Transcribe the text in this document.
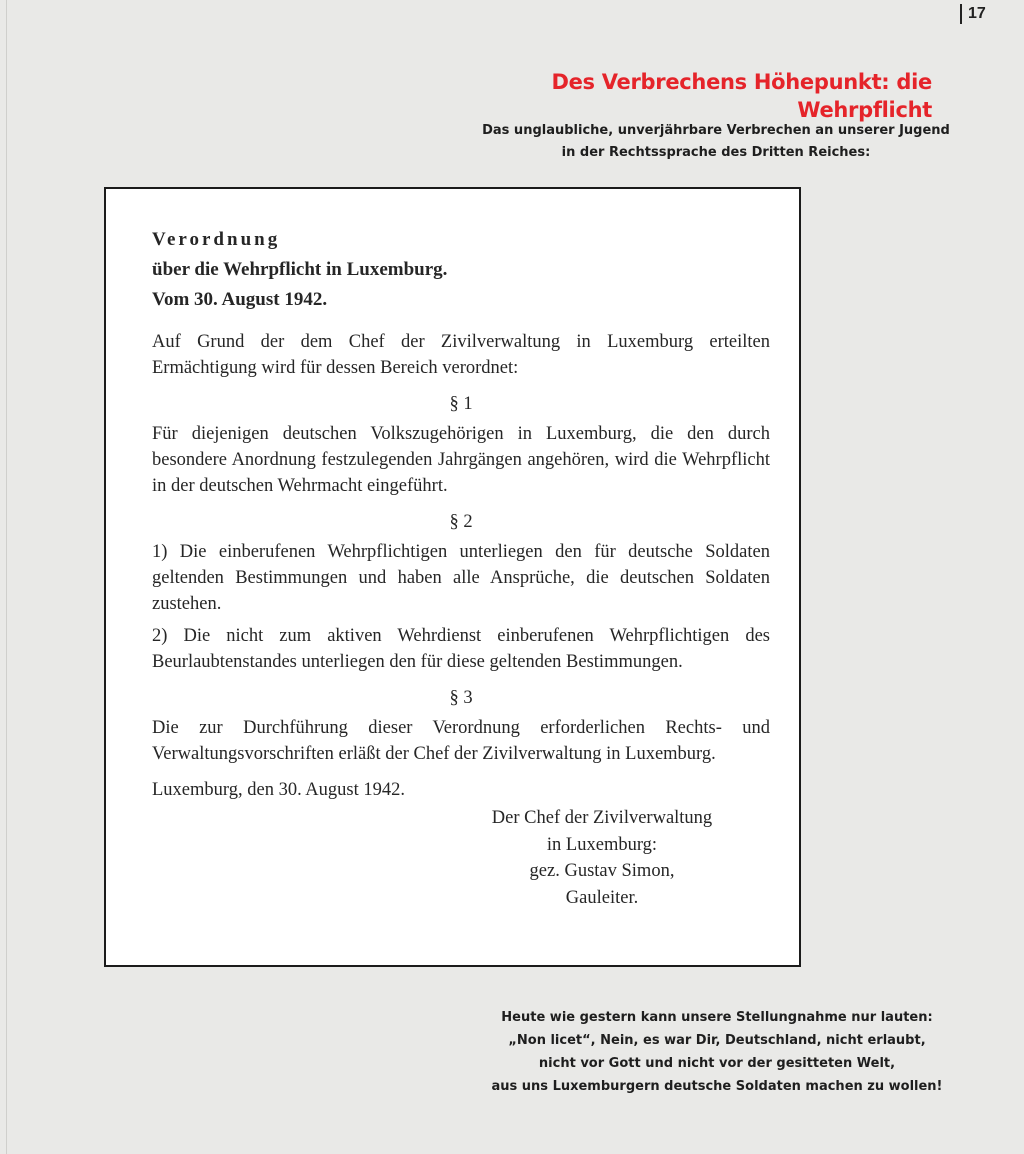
17
Des Verbrechens Höhepunkt: die Wehrpflicht
Das unglaubliche, unverjährbare Verbrechen an unserer Jugend
in der Rechtssprache des Dritten Reiches:
Verordnung
über die Wehrpflicht in Luxemburg.
Vom 30. August 1942.

Auf Grund der dem Chef der Zivilverwaltung in Luxemburg erteilten Ermächtigung wird für dessen Bereich verordnet:

§ 1

Für diejenigen deutschen Volkszugehörigen in Luxemburg, die den durch besondere Anordnung festzulegenden Jahrgängen angehören, wird die Wehrpflicht in der deutschen Wehrmacht eingeführt.

§ 2

1) Die einberufenen Wehrpflichtigen unterliegen den für deutsche Soldaten geltenden Bestimmungen und haben alle Ansprüche, die deutschen Soldaten zustehen.

2) Die nicht zum aktiven Wehrdienst einberufenen Wehrpflichtigen des Beurlaubtenstandes unterliegen den für diese geltenden Bestimmungen.

§ 3

Die zur Durchführung dieser Verordnung erforderlichen Rechts- und Verwaltungsvorschriften erläßt der Chef der Zivilverwaltung in Luxemburg.

Luxemburg, den 30. August 1942.

Der Chef der Zivilverwaltung
in Luxemburg:
gez. Gustav Simon,
Gauleiter.
Heute wie gestern kann unsere Stellungnahme nur lauten:
„Non licet“, Nein, es war Dir, Deutschland, nicht erlaubt,
nicht vor Gott und nicht vor der gesitteten Welt,
aus uns Luxemburgern deutsche Soldaten machen zu wollen!
